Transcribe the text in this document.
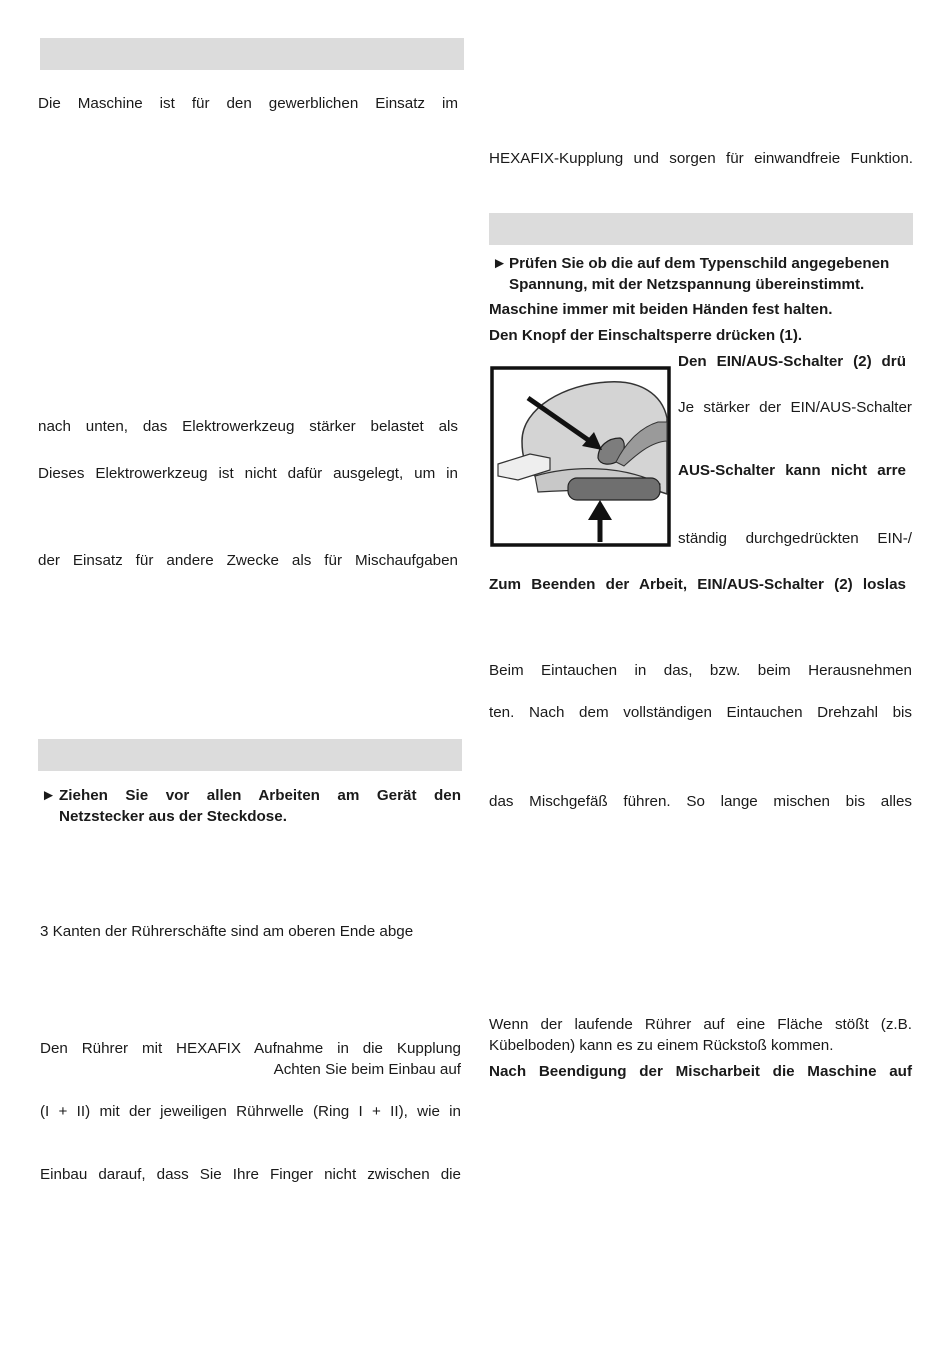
Die Maschine ist für den gewerblichen Einsatz im
nach unten, das Elektrowerkzeug stärker belastet als
Dieses Elektrowerkzeug ist nicht dafür ausgelegt, um in
der Einsatz für andere Zwecke als für Mischaufgaben
► Ziehen Sie vor allen Arbeiten am Gerät den
Netzstecker aus der Steckdose.
3 Kanten der Rührerschäfte sind am oberen Ende abge
Den Rührer mit HEXAFIX Aufnahme in die Kupplung
Achten Sie beim Einbau auf
(I + II) mit der jeweiligen Rührwelle (Ring I + II), wie in
Einbau darauf, dass Sie Ihre Finger nicht zwischen die
HEXAFIX-Kupplung und sorgen für einwandfreie Funktion.
► Prüfen Sie ob die auf dem Typenschild angegebenen
Spannung, mit der Netzspannung übereinstimmt.
Maschine immer mit beiden Händen fest halten.
Den Knopf der Einschaltsperre drücken (1).
Den EIN/AUS-Schalter (2) drü
Je stärker der EIN/AUS-Schalter
AUS-Schalter kann nicht arre
ständig durchgedrückten EIN-/
Zum Beenden der Arbeit, EIN/AUS-Schalter (2) loslas
Beim Eintauchen in das, bzw. beim Herausnehmen
ten. Nach dem vollständigen Eintauchen Drehzahl bis
das Mischgefäß führen. So lange mischen bis alles
Wenn der laufende Rührer auf eine Fläche stößt (z.B.
Kübelboden) kann es zu einem Rückstoß kommen.
Nach Beendigung der Mischarbeit die Maschine auf
